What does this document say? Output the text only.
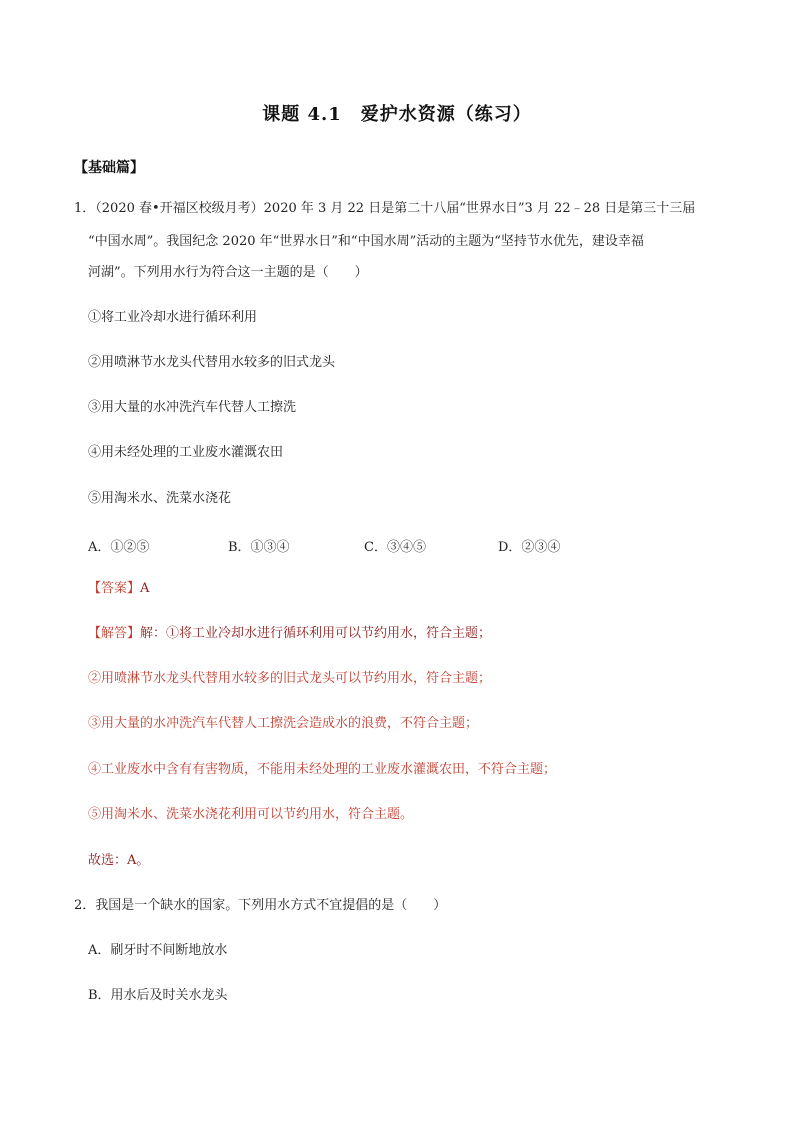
课题 4.1　爱护水资源（练习）
【基础篇】
1．（2020 春•开福区校级月考）2020 年 3 月 22 日是第二十八届“世界水日”3 月 22﹣28 日是第三十三届
“中国水周”。我国纪念 2020 年“世界水日”和“中国水周”活动的主题为“坚持节水优先，建设幸福
河湖”。下列用水行为符合这一主题的是（　　）
①将工业冷却水进行循环利用
②用喷淋节水龙头代替用水较多的旧式龙头
③用大量的水冲洗汽车代替人工擦洗
④用未经处理的工业废水灌溉农田
⑤用淘米水、洗菜水浇花
A．①②⑤	B．①③④	C．③④⑤	D．②③④
【答案】A
【解答】解：①将工业冷却水进行循环利用可以节约用水，符合主题；
②用喷淋节水龙头代替用水较多的旧式龙头可以节约用水，符合主题；
③用大量的水冲洗汽车代替人工擦洗会造成水的浪费，不符合主题；
④工业废水中含有有害物质，不能用未经处理的工业废水灌溉农田，不符合主题；
⑤用淘米水、洗菜水浇花利用可以节约用水，符合主题。
故选：A。
2．我国是一个缺水的国家。下列用水方式不宜提倡的是（　　）
A．刷牙时不间断地放水
B．用水后及时关水龙头
